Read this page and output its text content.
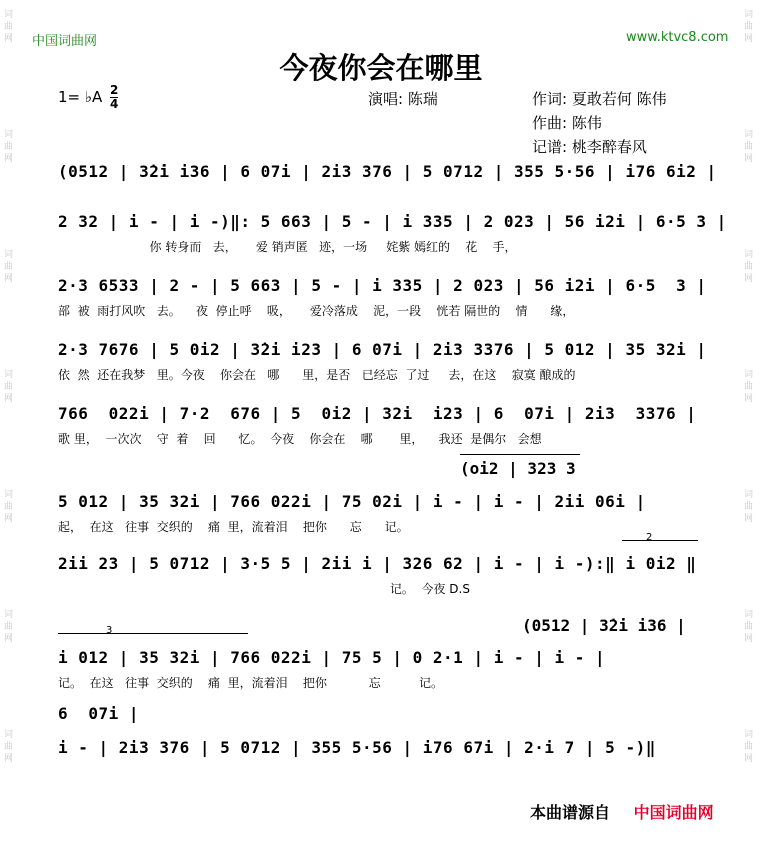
词
曲
网
词
曲
网
词
曲
网
词
曲
网
词
曲
网
词
曲
网
词
曲
网
词
曲
网
词
曲
网
词
曲
网
词
曲
网
词
曲
网
词
曲
网
词
曲
网
中国词曲网	www.ktvc8.com
今夜你会在哪里
1= ♭A 2
4	演唱: 陈瑞	作词: 夏敢若何 陈伟
作曲: 陈伟
记谱: 桃李醉春风
(0512 | 3̇2̇i i36 | 6 07i | 2i3 376 | 5 0712 | 355 5·56 | i76 6i2 |
2 32 | i - | i -)‖: 5 663 | 5 - | i 335 | 2 023 | 56 i2i | 6·5 3 |
你 转身而   去，     爱 销声匿   迹，一场     姹紫 嫣红的    花    手，
2·3 6533 | 2 - | 5 663 | 5 - | i 335 | 2 023 | 56 i2i | 6·5  3 |
部  被  雨打风吹   去。    夜  停止呼    吸，     爱冷落成    泥，一段    恍若 隔世的    情      缘，
2·3 7676 | 5 0i2 | 3̇2i i23 | 6 07i | 2i3 3376 | 5 012 | 35 32i |
依  然  还在我梦   里。今夜    你会在   哪      里，是否   已经忘  了过     去，在这    寂寞 酿成的
766  022i | 7·2  676 | 5  0i2 | 32i  i23 | 6  07i | 2i3  3376 |
歌 里，  一次次    守  着    回      忆。  今夜    你会在    哪       里，    我还  是偶尔   会想
(oi2 | 323 3
5 012 | 35 32i | 766 022i | 75 02i | i - | i - | 2ii 06i |
起，  在这   往事  交织的    痛  里，流着泪    把你      忘      记。
2
2ii 23 | 5 0712 | 3·5 5 | 2ii i | 326 62 | i - | i -):‖ i 0i2 ‖
记。  今夜 D.S
3	(0512 | 3̇2̇i i36 |
i 012 | 35 32i | 766 022i | 75 5 | 0 2·1 | i - | i - |
记。  在这   往事  交织的    痛  里，流着泪    把你           忘          记。
6  07i |
i - | 2i3 376 | 5 0712 | 355 5·56 | i76 67i | 2·i 7 | 5 -)‖
本曲谱源自 中国词曲网
